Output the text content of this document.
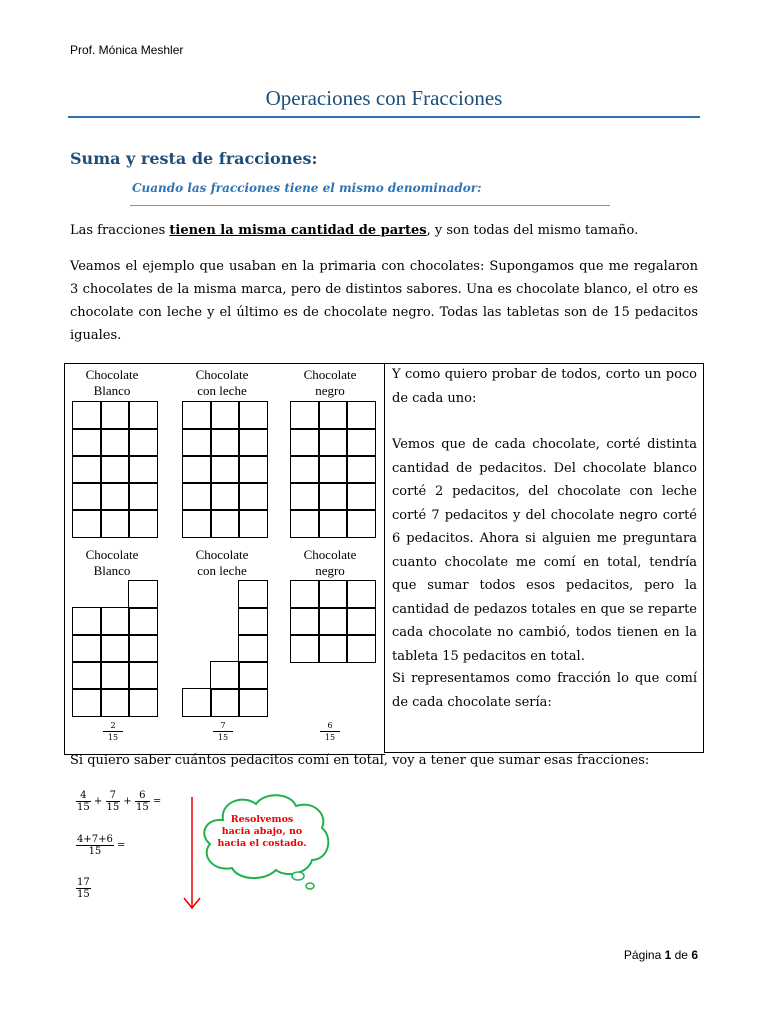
Prof. Mónica Meshler
Operaciones con Fracciones
Suma y resta de fracciones:
Cuando las fracciones tiene el mismo denominador:
Las fracciones tienen la misma cantidad de partes, y son todas del mismo tamaño.
Veamos el ejemplo que usaban en la primaria con chocolates: Supongamos que me regalaron 3 chocolates de la misma marca, pero de distintos sabores. Una es chocolate blanco, el otro es chocolate con leche y el último es de chocolate negro. Todas las tabletas son de 15 pedacitos iguales.
Chocolate
Blanco
Chocolate
con leche
Chocolate
negro
Chocolate
Blanco
Chocolate
con leche
Chocolate
negro
$\frac{2}{15}$	$\frac{7}{15}$	$\frac{6}{15}$
Y como quiero probar de todos, corto un poco de cada uno:
Vemos que de cada chocolate, corté distinta cantidad de pedacitos. Del chocolate blanco corté 2 pedacitos, del chocolate con leche corté 7 pedacitos y del chocolate negro corté 6 pedacitos. Ahora si alguien me preguntara cuanto chocolate me comí en total, tendría que sumar todos esos pedacitos, pero la cantidad de pedazos totales en que se reparte cada chocolate no cambió, todos tienen en la tableta 15 pedacitos en total.
Si representamos como fracción lo que comí de cada chocolate sería:
Si quiero saber cuántos pedacitos comí en total, voy a tener que sumar esas fracciones:
$\frac{4}{15} + \frac{7}{15} + \frac{6}{15}$ =
$\frac{4+7+6}{15}$ =
$\frac{17}{15}$
Resolvemos hacia abajo, no hacia el costado.
Página 1 de 6
